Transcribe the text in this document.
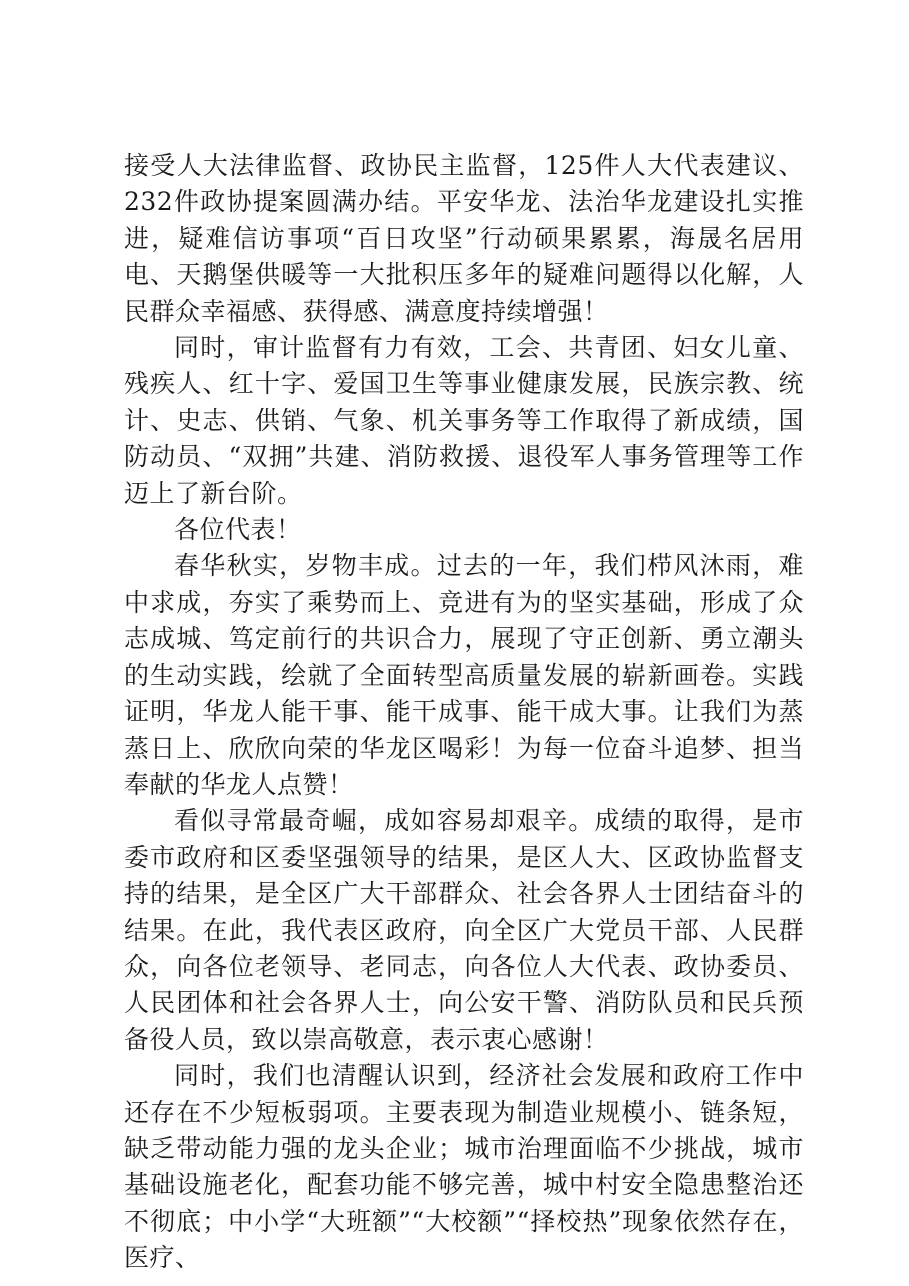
接受人大法律监督、政协民主监督，125件人大代表建议、232件政协提案圆满办结。平安华龙、法治华龙建设扎实推进，疑难信访事项“百日攻坚”行动硕果累累，海晟名居用电、天鹅堡供暖等一大批积压多年的疑难问题得以化解，人民群众幸福感、获得感、满意度持续增强！

同时，审计监督有力有效，工会、共青团、妇女儿童、残疾人、红十字、爱国卫生等事业健康发展，民族宗教、统计、史志、供销、气象、机关事务等工作取得了新成绩，国防动员、“双拥”共建、消防救援、退役军人事务管理等工作迈上了新台阶。

各位代表！

春华秋实，岁物丰成。过去的一年，我们栉风沐雨，难中求成，夯实了乘势而上、竞进有为的坚实基础，形成了众志成城、笃定前行的共识合力，展现了守正创新、勇立潮头的生动实践，绘就了全面转型高质量发展的崭新画卷。实践证明，华龙人能干事、能干成事、能干成大事。让我们为蒸蒸日上、欣欣向荣的华龙区喝彩！为每一位奋斗追梦、担当奉献的华龙人点赞！

看似寻常最奇崛，成如容易却艰辛。成绩的取得，是市委市政府和区委坚强领导的结果，是区人大、区政协监督支持的结果，是全区广大干部群众、社会各界人士团结奋斗的结果。在此，我代表区政府，向全区广大党员干部、人民群众，向各位老领导、老同志，向各位人大代表、政协委员、人民团体和社会各界人士，向公安干警、消防队员和民兵预备役人员，致以崇高敬意，表示衷心感谢！

同时，我们也清醒认识到，经济社会发展和政府工作中还存在不少短板弱项。主要表现为制造业规模小、链条短，缺乏带动能力强的龙头企业；城市治理面临不少挑战，城市基础设施老化，配套功能不够完善，城中村安全隐患整治还不彻底；中小学“大班额”“大校额”“择校热”现象依然存在，医疗、
